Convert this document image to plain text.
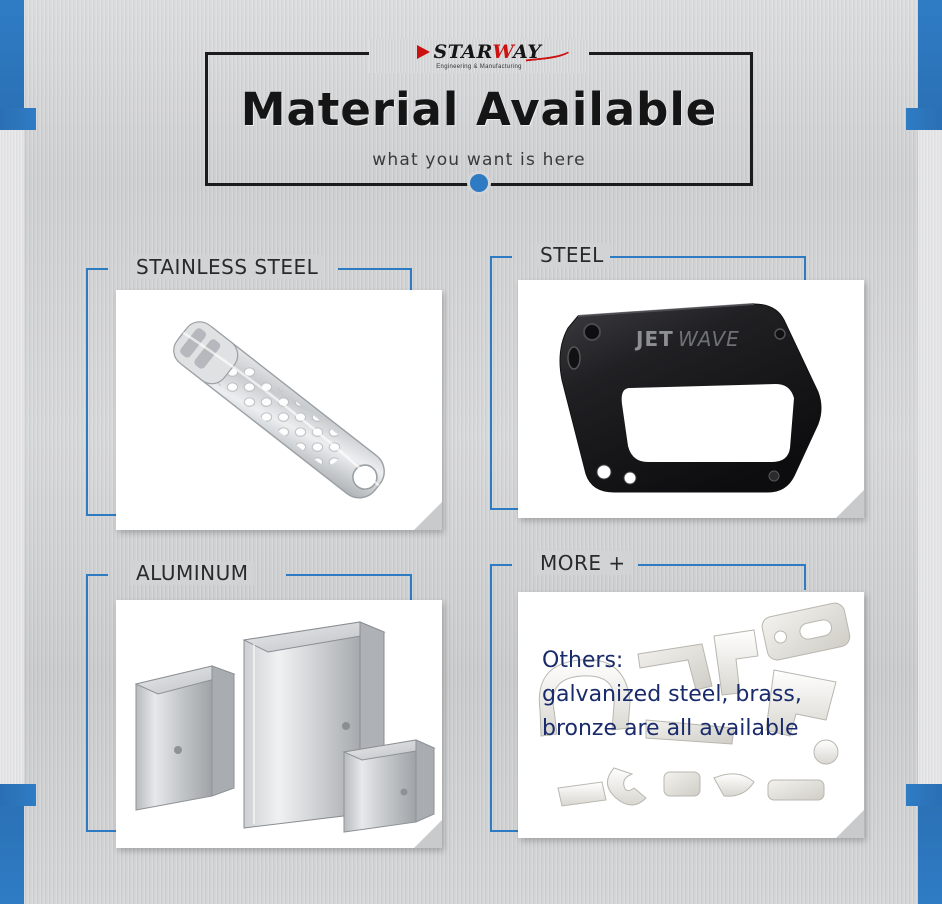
STARWAY
Engineering & Manufacturing
Material Available
what you want is here
STAINLESS STEEL	STEEL
JET WAVE
ALUMINUM	MORE +
Others:
galvanized steel, brass,
bronze are all available
